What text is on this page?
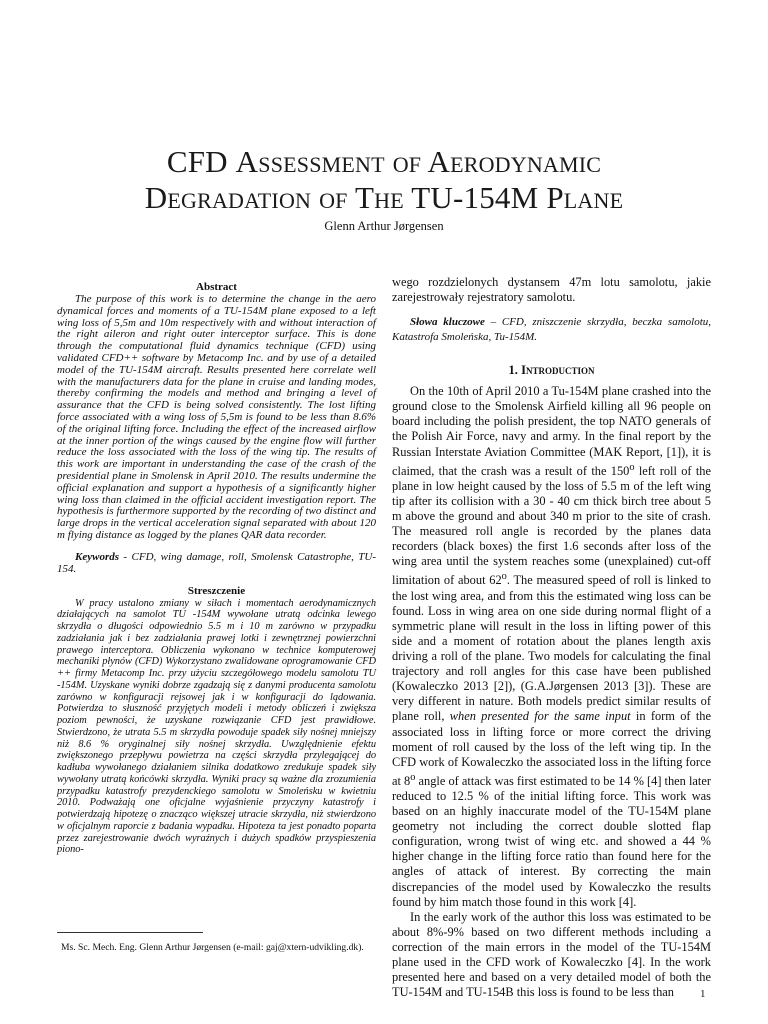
CFD Assessment of Aerodynamic
Degradation of The TU-154M Plane
Glenn Arthur Jørgensen
Abstract

The purpose of this work is to determine the change in the aero dynamical forces and moments of a TU-154M plane exposed to a left wing loss of 5,5m and 10m respectively with and without interaction of the right aileron and right outer interceptor surface. This is done through the computational fluid dynamics technique (CFD) using validated CFD++ software by Metacomp Inc. and by use of a detailed model of the TU-154M aircraft. Results presented here correlate well with the manufacturers data for the plane in cruise and landing modes, thereby confirming the models and method and bringing a level of assurance that the CFD is being solved consistently. The lost lifting force associated with a wing loss of 5,5m is found to be less than 8.6% of the original lifting force. Including the effect of the increased airflow at the inner portion of the wings caused by the engine flow will further reduce the loss associated with the loss of the wing tip. The results of this work are important in understanding the case of the crash of the presidential plane in Smolensk in April 2010. The results undermine the official explanation and support a hypothesis of a significantly higher wing loss than claimed in the official accident investigation report. The hypothesis is furthermore supported by the recording of two distinct and large drops in the vertical acceleration signal separated with about 120 m flying distance as logged by the planes QAR data recorder.

Keywords - CFD, wing damage, roll, Smolensk Catastrophe, TU-154.

Streszczenie

W pracy ustalono zmiany w siłach i momentach aerodynamicznych działających na samolot TU -154M wywołane utratą odcinka lewego skrzydła o długości odpowiednio 5.5 m i 10 m zarówno w przypadku zadziałania jak i bez zadziałania prawej lotki i zewnętrznej powierzchni prawego interceptora. Obliczenia wykonano w technice komputerowej mechaniki płynów (CFD) Wykorzystano zwalidowane oprogramowanie CFD ++ firmy Metacomp Inc. przy użyciu szczegółowego modelu samolotu TU -154M. Uzyskane wyniki dobrze zgadzają się z danymi producenta samolotu zarówno w konfiguracji rejsowej jak i w konfiguracji do lądowania. Potwierdza to słuszność przyjętych modeli i metody obliczeń i zwiększa poziom pewności, że uzyskane rozwiązanie CFD jest prawidłowe. Stwierdzono, że utrata 5.5 m skrzydła powoduje spadek siły nośnej mniejszy niż 8.6 % oryginalnej siły nośnej skrzydła. Uwzględnienie efektu zwiększonego przepływu powietrza na części skrzydła przylegającej do kadłuba wywołanego działaniem silnika dodatkowo zredukuje spadek siły wywołany utratą końcówki skrzydła. Wyniki pracy są ważne dla zrozumienia przypadku katastrofy prezydenckiego samolotu w Smoleńsku w kwietniu 2010. Podważają one oficjalne wyjaśnienie przyczyny katastrofy i potwierdzają hipotezę o znacząco większej utracie skrzydła, niż stwierdzono w oficjalnym raporcie z badania wypadku. Hipoteza ta jest ponadto poparta przez zarejestrowanie dwóch wyraźnych i dużych spadków przyspieszenia piono-

Ms. Sc. Mech. Eng. Glenn Arthur Jørgensen (e-mail: gaj@xtern-udvikling.dk).

wego rozdzielonych dystansem 47m lotu samolotu, jakie zarejestrowały rejestratory samolotu.

Słowa kluczowe – CFD, zniszczenie skrzydła, beczka samolotu, Katastrofa Smoleńska, Tu-154M.

1. Introduction

On the 10th of April 2010 a Tu-154M plane crashed into the ground close to the Smolensk Airfield killing all 96 people on board including the polish president, the top NATO generals of the Polish Air Force, navy and army. In the final report by the Russian Interstate Aviation Committee (MAK Report, [1]), it is claimed, that the crash was a result of the 150$^o$ left roll of the plane in low height caused by the loss of 5.5 m of the left wing tip after its collision with a 30 - 40 cm thick birch tree about 5 m above the ground and about 340 m prior to the site of crash. The measured roll angle is recorded by the planes data recorders (black boxes) the first 1.6 seconds after loss of the wing area until the system reaches some (unexplained) cut-off limitation of about 62$^o$. The measured speed of roll is linked to the lost wing area, and from this the estimated wing loss can be found. Loss in wing area on one side during normal flight of a symmetric plane will result in the loss in lifting power of this side and a moment of rotation about the planes length axis driving a roll of the plane. Two models for calculating the final trajectory and roll angles for this case have been published (Kowaleczko 2013 [2]), (G.A.Jørgensen 2013 [3]). These are very different in nature. Both models predict similar results of plane roll, when presented for the same input in form of the associated loss in lifting force or more correct the driving moment of roll caused by the loss of the left wing tip. In the CFD work of Kowaleczko the associated loss in the lifting force at 8$^o$ angle of attack was first estimated to be 14 % [4] then later reduced to 12.5 % of the initial lifting force. This work was based on an highly inaccurate model of the TU-154M plane geometry not including the correct double slotted flap configuration, wrong twist of wing etc. and showed a 44 % higher change in the lifting force ratio than found here for the angles of attack of interest. By correcting the main discrepancies of the model used by Kowaleczko the results found by him match those found in this work [4].

In the early work of the author this loss was estimated to be about 8%-9% based on two different methods including a correction of the main errors in the model of the TU-154M plane used in the CFD work of Kowaleczko [4]. In the work presented here and based on a very detailed model of both the TU-154M and TU-154B this loss is found to be less than	1
